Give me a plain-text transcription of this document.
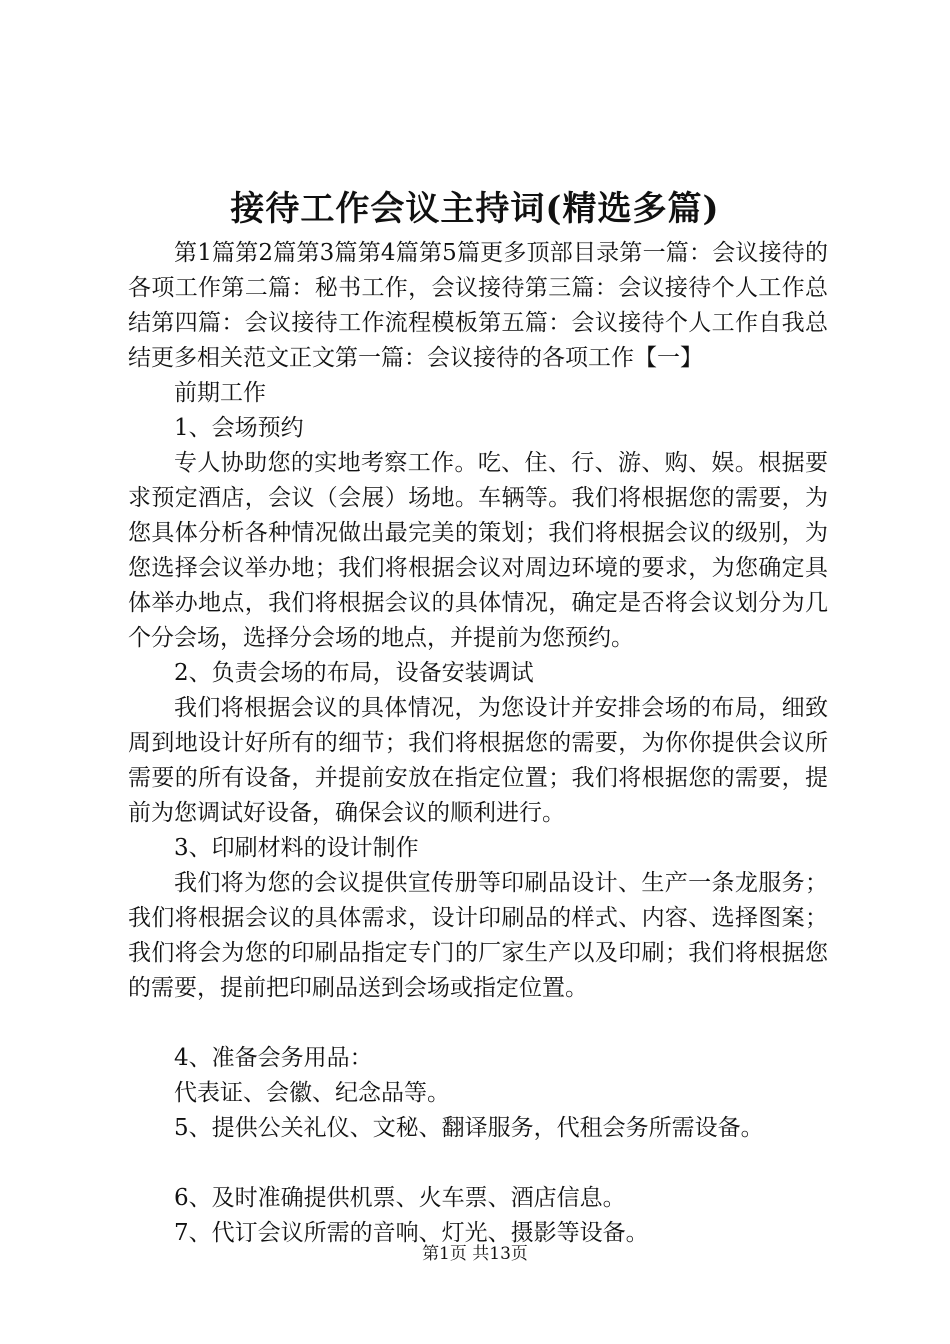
接待工作会议主持词(精选多篇)

第1篇第2篇第3篇第4篇第5篇更多顶部目录第一篇：会议接待的各项工作第二篇：秘书工作，会议接待第三篇：会议接待个人工作总结第四篇：会议接待工作流程模板第五篇：会议接待个人工作自我总结更多相关范文正文第一篇：会议接待的各项工作【一】

前期工作

1、会场预约

专人协助您的实地考察工作。吃、住、行、游、购、娱。根据要求预定酒店，会议（会展）场地。车辆等。我们将根据您的需要，为您具体分析各种情况做出最完美的策划；我们将根据会议的级别，为您选择会议举办地；我们将根据会议对周边环境的要求，为您确定具体举办地点，我们将根据会议的具体情况，确定是否将会议划分为几个分会场，选择分会场的地点，并提前为您预约。

2、负责会场的布局，设备安装调试

我们将根据会议的具体情况，为您设计并安排会场的布局，细致周到地设计好所有的细节；我们将根据您的需要，为你你提供会议所需要的所有设备，并提前安放在指定位置；我们将根据您的需要，提前为您调试好设备，确保会议的顺利进行。

3、印刷材料的设计制作

我们将为您的会议提供宣传册等印刷品设计、生产一条龙服务；我们将根据会议的具体需求，设计印刷品的样式、内容、选择图案；我们将会为您的印刷品指定专门的厂家生产以及印刷；我们将根据您的需要，提前把印刷品送到会场或指定位置。

4、准备会务用品：

代表证、会徽、纪念品等。

5、提供公关礼仪、文秘、翻译服务，代租会务所需设备。

6、及时准确提供机票、火车票、酒店信息。

7、代订会议所需的音响、灯光、摄影等设备。

第1页 共13页
